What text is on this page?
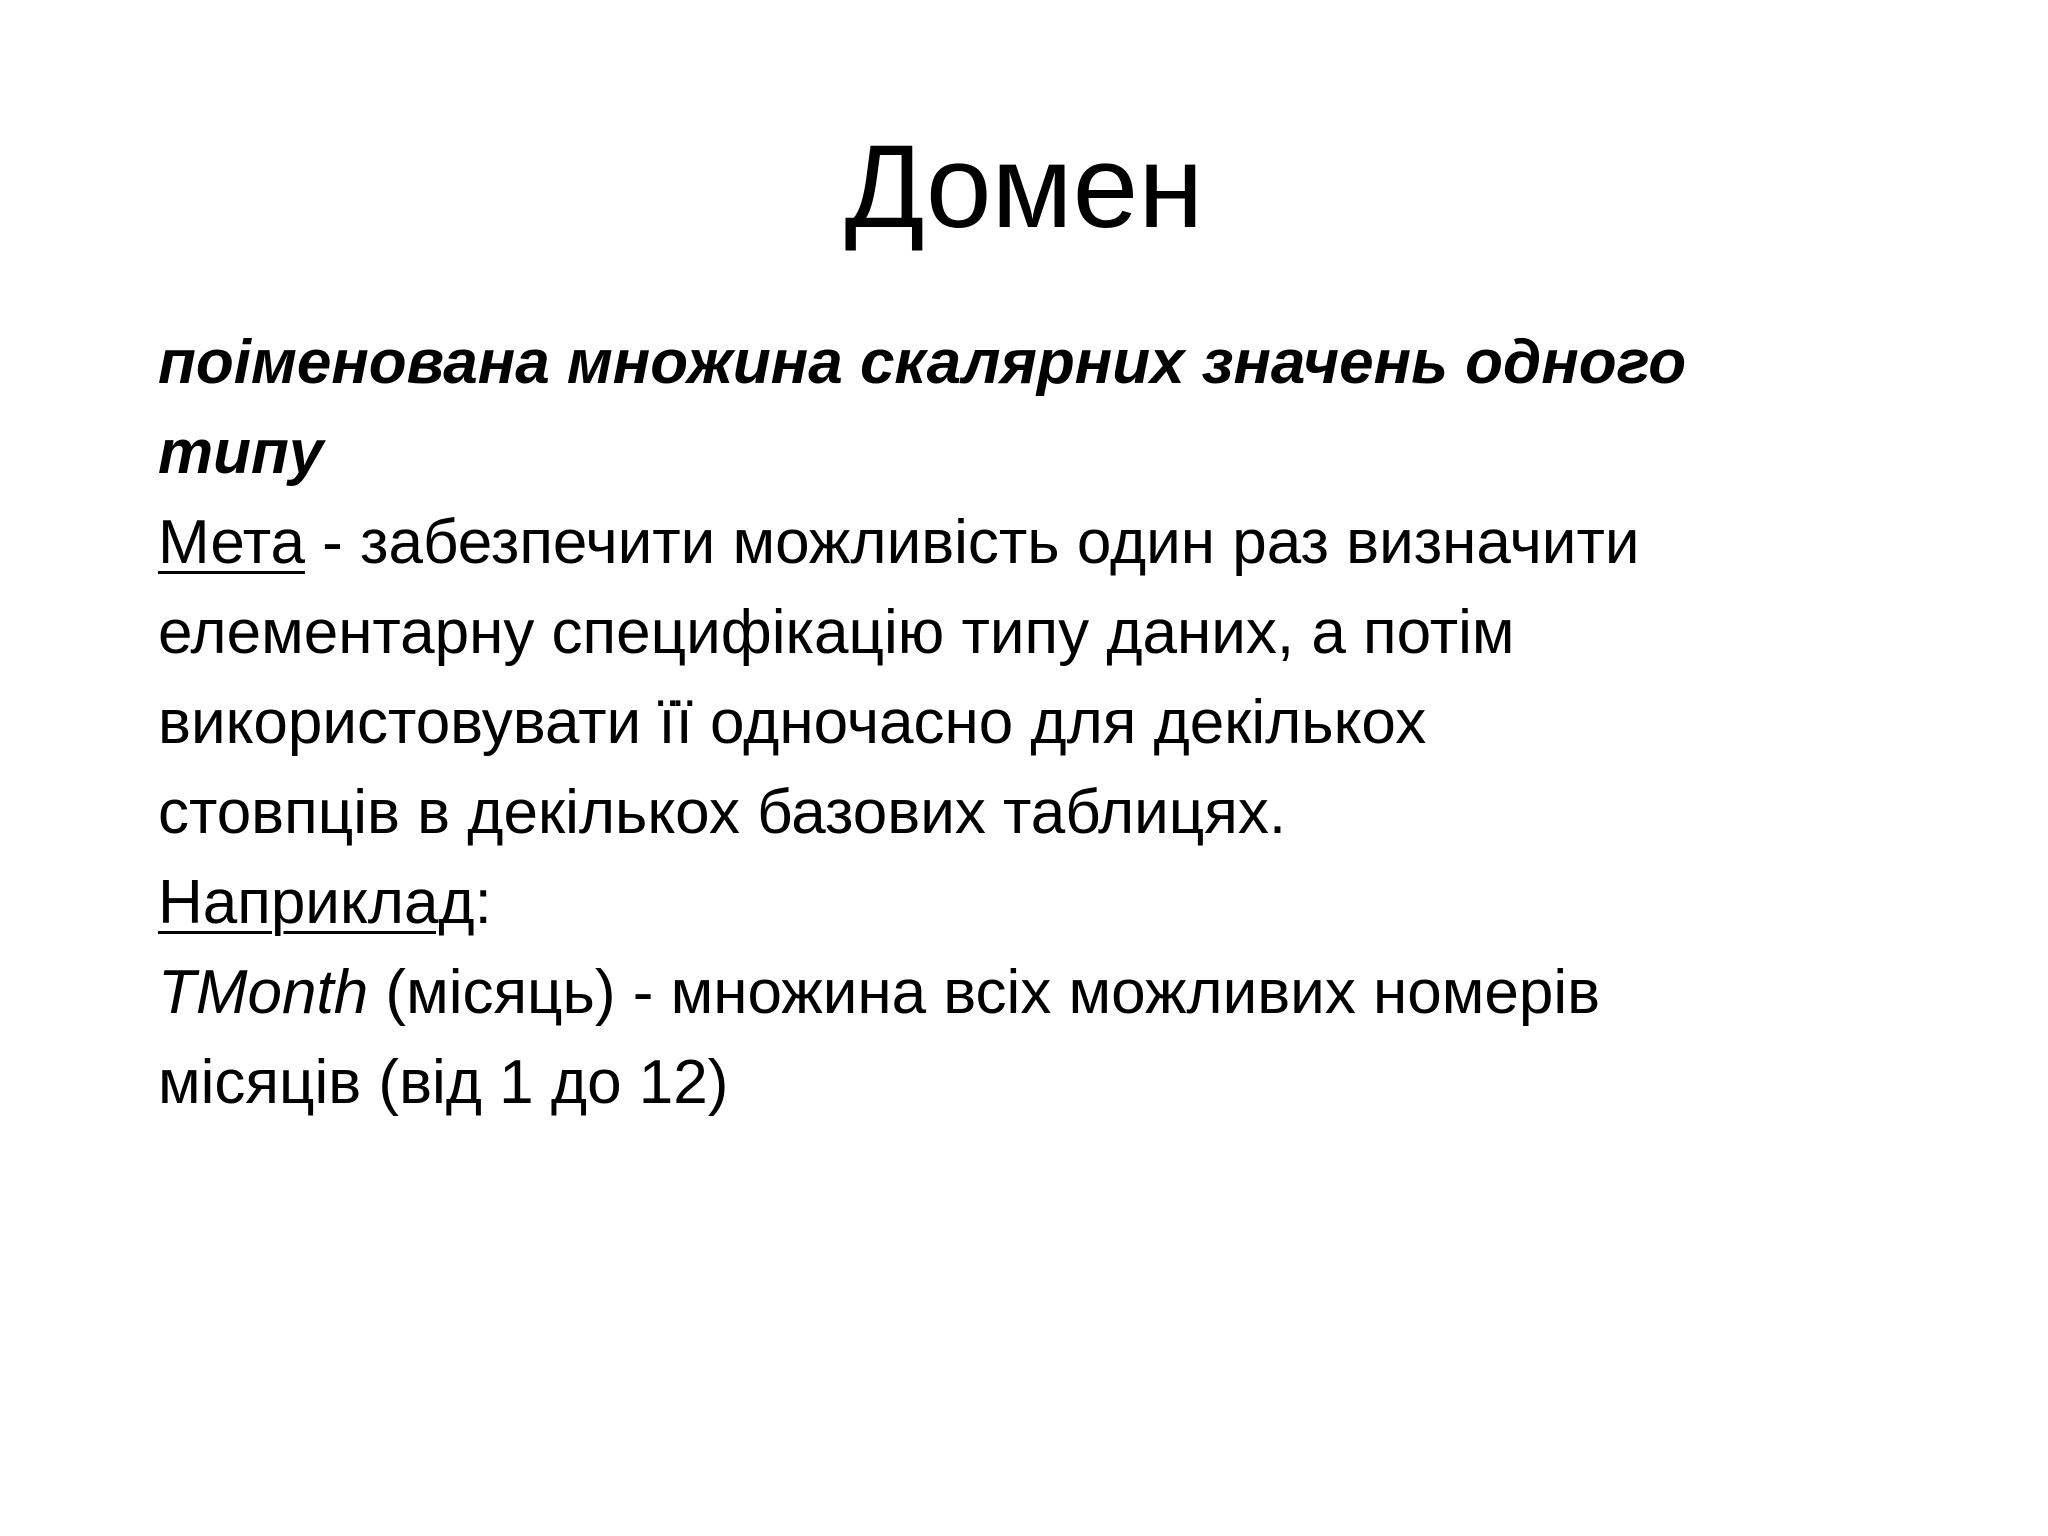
Домен
поіменована множина скалярних значень одного
типу
Мета - забезпечити можливість один раз визначити
елементарну специфікацію типу даних, а потім
використовувати її одночасно для декількох
стовпців в декількох базових таблицях.
Наприклад:
TMonth (місяць) - множина всіх можливих номерів
місяців (від 1 до 12)
